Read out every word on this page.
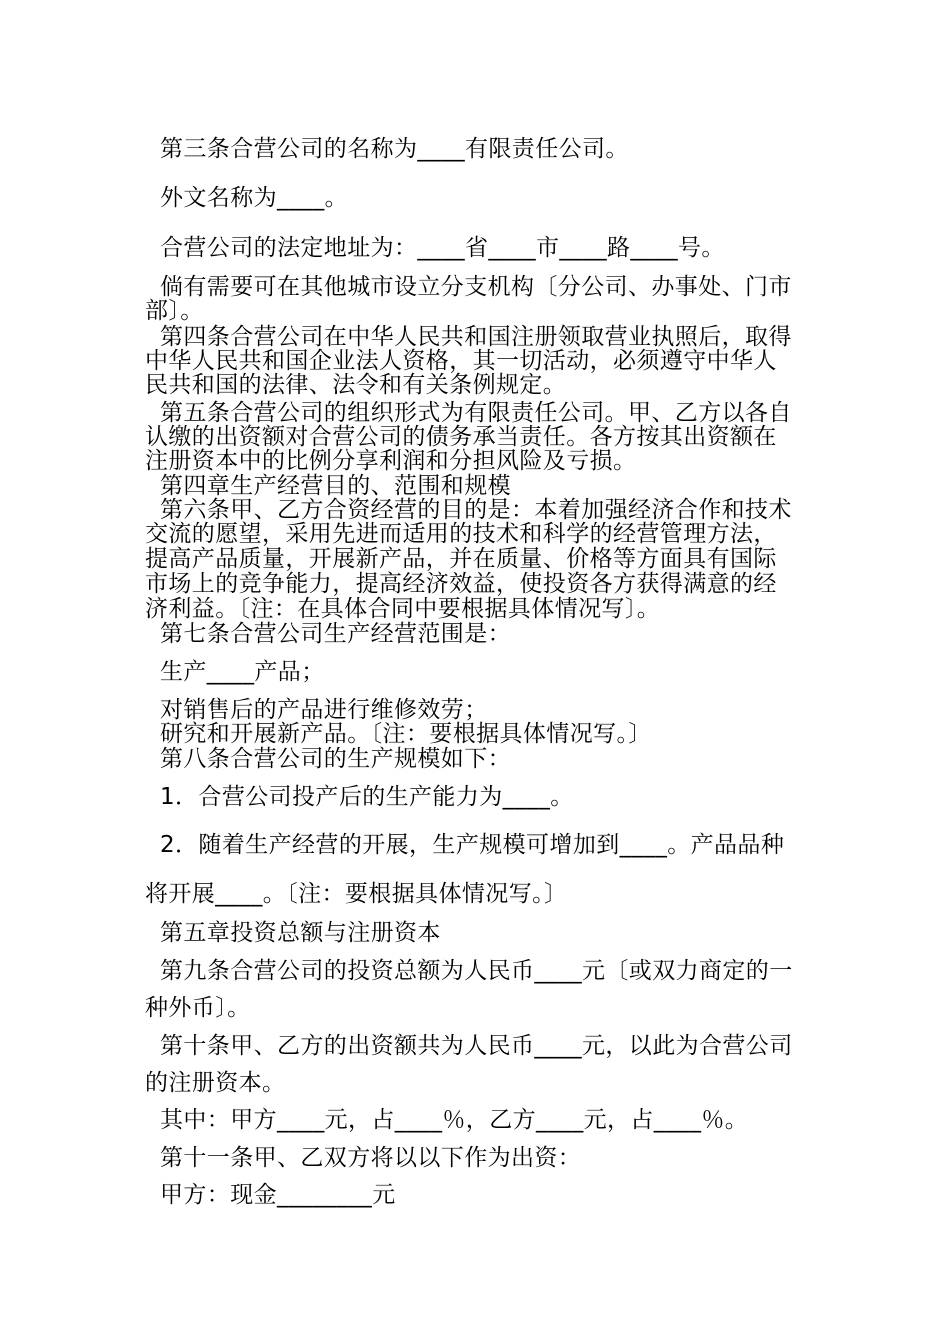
第三条合营公司的名称为____有限责任公司。
外文名称为____。
合营公司的法定地址为：____省____市____路____号。
倘有需要可在其他城市设立分支机构〔分公司、办事处、门市
部〕。
第四条合营公司在中华人民共和国注册领取营业执照后，取得
中华人民共和国企业法人资格，其一切活动，必须遵守中华人
民共和国的法律、法令和有关条例规定。
第五条合营公司的组织形式为有限责任公司。甲、乙方以各自
认缴的出资额对合营公司的债务承当责任。各方按其出资额在
注册资本中的比例分享利润和分担风险及亏损。
第四章生产经营目的、范围和规模
第六条甲、乙方合资经营的目的是：本着加强经济合作和技术
交流的愿望，采用先进而适用的技术和科学的经营管理方法，
提高产品质量，开展新产品，并在质量、价格等方面具有国际
市场上的竞争能力，提高经济效益，使投资各方获得满意的经
济利益。〔注：在具体合同中要根据具体情况写〕。
第七条合营公司生产经营范围是：
生产____产品；
对销售后的产品进行维修效劳；
研究和开展新产品。〔注：要根据具体情况写。〕
第八条合营公司的生产规模如下：
1．合营公司投产后的生产能力为____。
2．随着生产经营的开展，生产规模可增加到____。产品品种
将开展____。〔注：要根据具体情况写。〕
第五章投资总额与注册资本
第九条合营公司的投资总额为人民币____元〔或双力商定的一
种外币〕。
第十条甲、乙方的出资额共为人民币____元，以此为合营公司
的注册资本。
其中：甲方____元，占____％，乙方____元，占____％。
第十一条甲、乙双方将以以下作为出资：
甲方：现金________元
